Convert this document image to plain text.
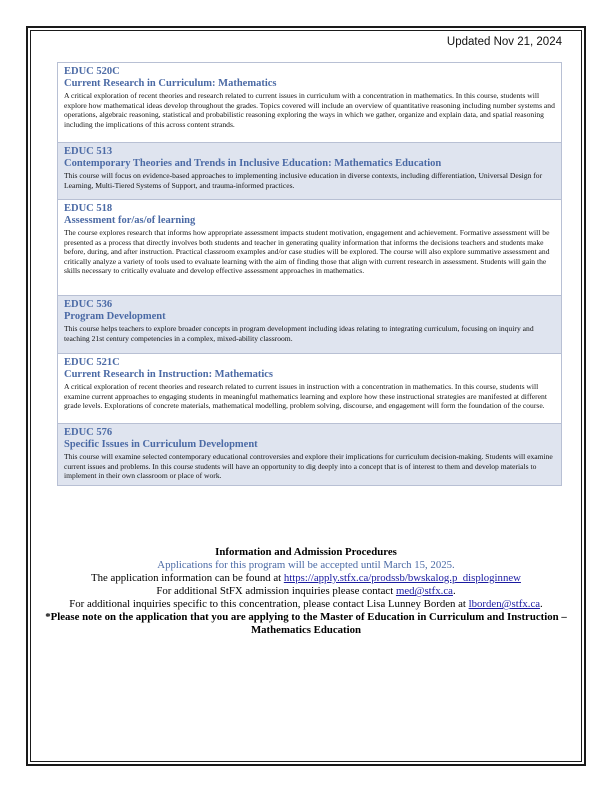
Updated Nov 21, 2024
EDUC 520C
Current Research in Curriculum: Mathematics
A critical exploration of recent theories and research related to current issues in curriculum with a concentration in mathematics. In this course, students will explore how mathematical ideas develop throughout the grades. Topics covered will include an overview of quantitative reasoning including number systems and operations, algebraic reasoning, statistical and probabilistic reasoning exploring the ways in which we gather, organize and explain data, and spatial reasoning including the implications of this across content strands.
EDUC 513
Contemporary Theories and Trends in Inclusive Education: Mathematics Education
This course will focus on evidence-based approaches to implementing inclusive education in diverse contexts, including differentiation, Universal Design for Learning, Multi-Tiered Systems of Support, and trauma-informed practices.
EDUC 518
Assessment for/as/of learning
The course explores research that informs how appropriate assessment impacts student motivation, engagement and achievement. Formative assessment will be presented as a process that directly involves both students and teacher in generating quality information that informs the decisions teachers and students make before, during, and after instruction. Practical classroom examples and/or case studies will be explored. The course will also explore summative assessment and critically analyze a variety of tools used to evaluate learning with the aim of finding those that align with current research in assessment. Students will gain the skills necessary to critically evaluate and develop effective assessment approaches in mathematics.
EDUC 536
Program Development
This course helps teachers to explore broader concepts in program development including ideas relating to integrating curriculum, focusing on inquiry and teaching 21st century competencies in a complex, mixed-ability classroom.
EDUC 521C
Current Research in Instruction: Mathematics
A critical exploration of recent theories and research related to current issues in instruction with a concentration in mathematics. In this course, students will examine current approaches to engaging students in meaningful mathematics learning and explore how these instructional strategies are manifested at different grade levels. Explorations of concrete materials, mathematical modelling, problem solving, discourse, and engagement will form the foundation of the course.
EDUC 576
Specific Issues in Curriculum Development
This course will examine selected contemporary educational controversies and explore their implications for curriculum decision-making. Students will examine current issues and problems. In this course students will have an opportunity to dig deeply into a concept that is of interest to them and develop materials to implement in their own classroom or place of work.
Information and Admission Procedures
Applications for this program will be accepted until March 15, 2025.
The application information can be found at https://apply.stfx.ca/prodssb/bwskalog.p_disploginnew
For additional StFX admission inquiries please contact med@stfx.ca.
For additional inquiries specific to this concentration, please contact Lisa Lunney Borden at lborden@stfx.ca.
*Please note on the application that you are applying to the Master of Education in Curriculum and Instruction – Mathematics Education
